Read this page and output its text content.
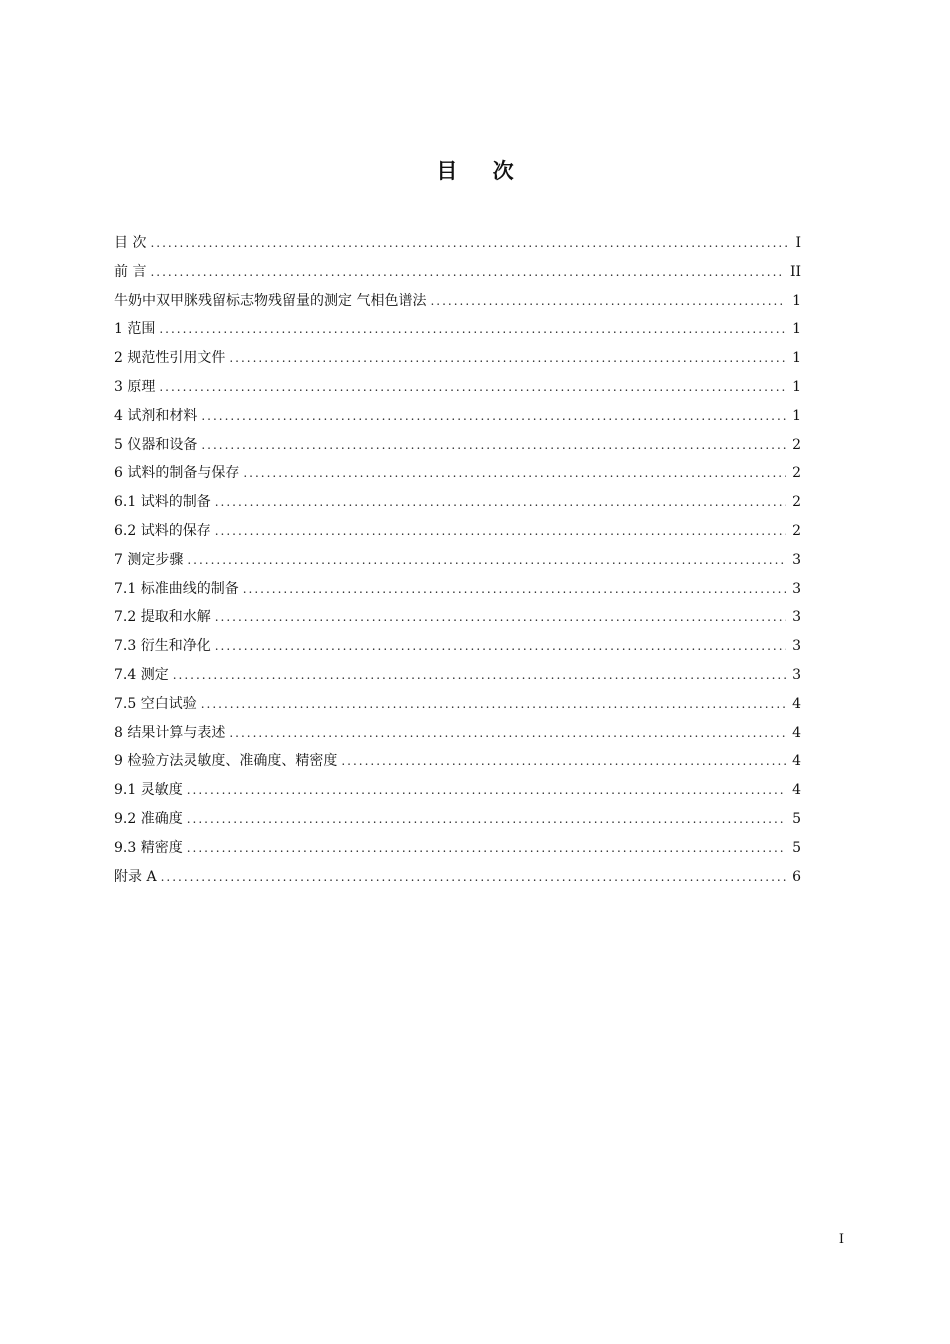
目 次
目 次 .....	I
前 言 .....	II
牛奶中双甲脒残留标志物残留量的测定 气相色谱法 .....	1
1 范围 .....	1
2 规范性引用文件 .....	1
3 原理 .....	1
4 试剂和材料 .....	1
5 仪器和设备 .....	2
6 试料的制备与保存 .....	2
6.1 试料的制备 .....	2
6.2 试料的保存 .....	2
7 测定步骤 .....	3
7.1 标准曲线的制备 .....	3
7.2 提取和水解 .....	3
7.3 衍生和净化 .....	3
7.4 测定 .....	3
7.5 空白试验 .....	4
8 结果计算与表述 .....	4
9 检验方法灵敏度、准确度、精密度 .....	4
9.1 灵敏度 .....	4
9.2 准确度 .....	5
9.3 精密度 .....	5
附录 A .....	6
I
